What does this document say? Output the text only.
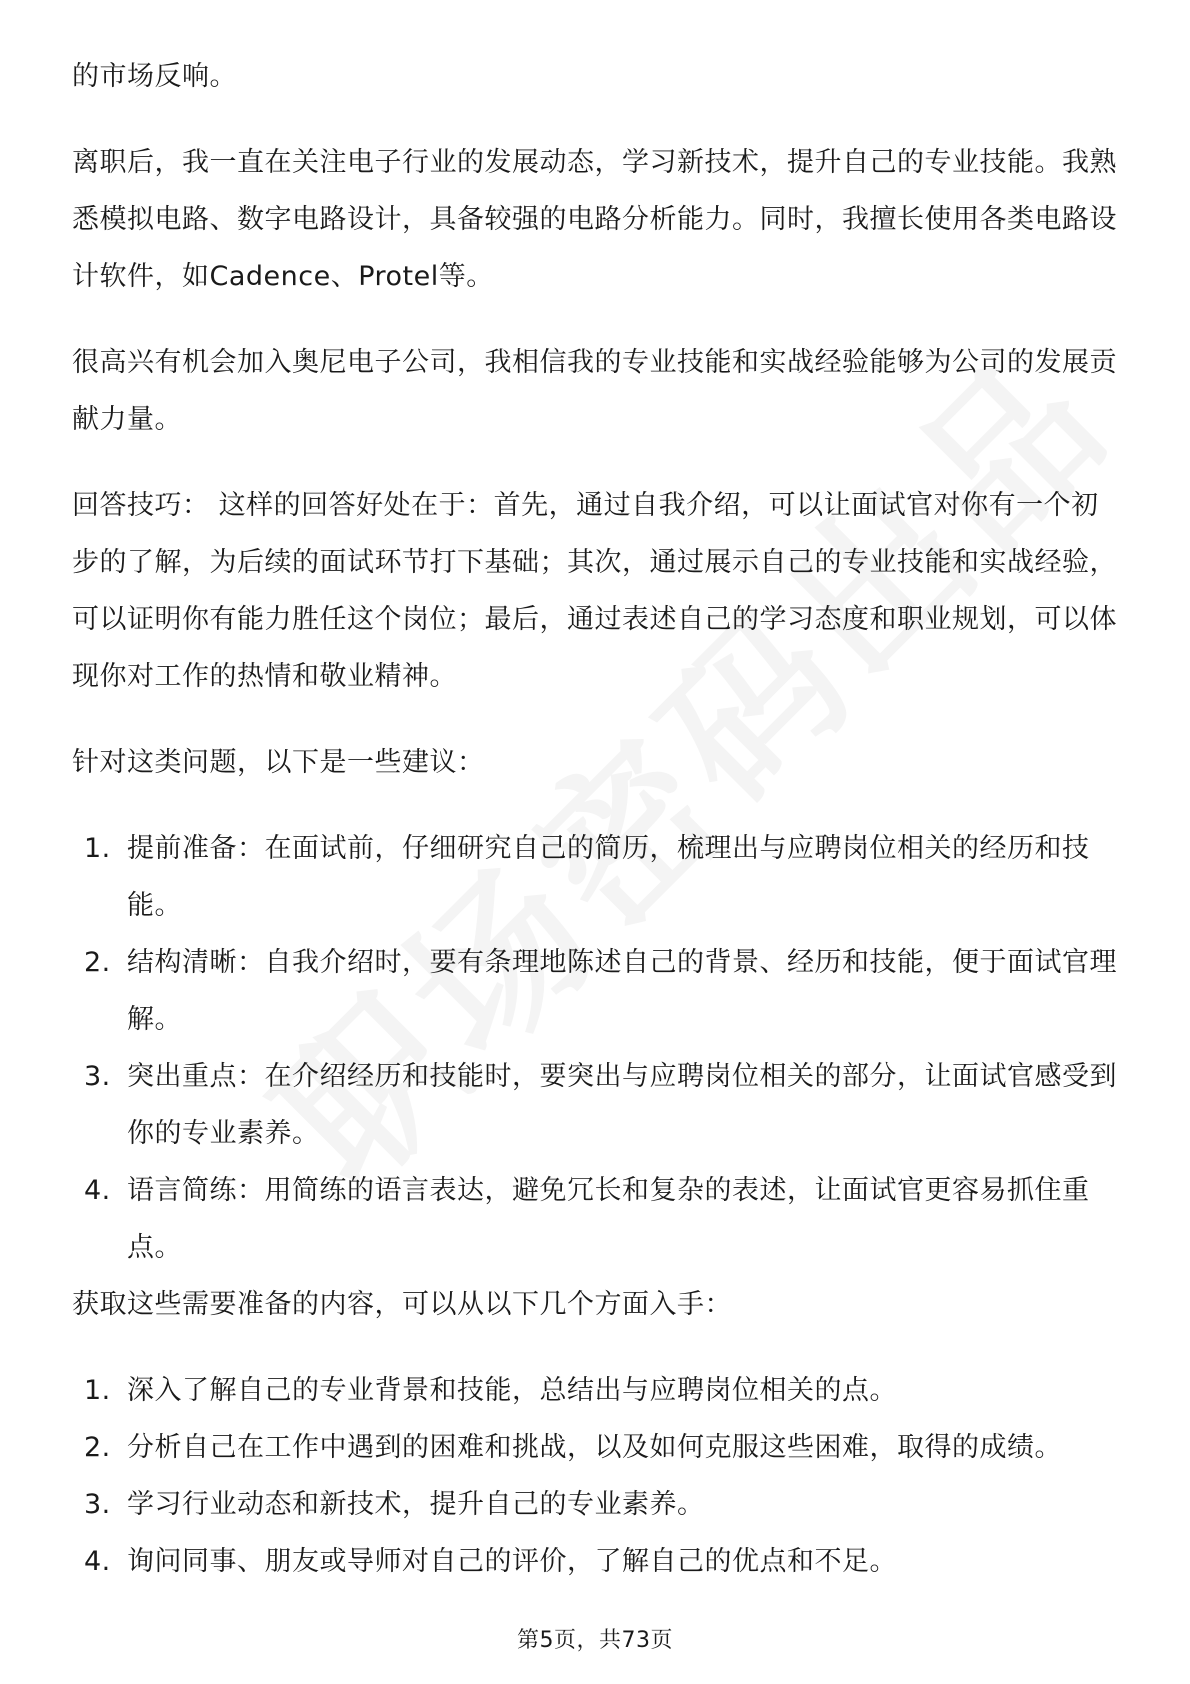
的市场反响。

离职后，我一直在关注电子行业的发展动态，学习新技术，提升自己的专业技能。我熟悉模拟电路、数字电路设计，具备较强的电路分析能力。同时，我擅长使用各类电路设计软件，如Cadence、Protel等。

很高兴有机会加入奥尼电子公司，我相信我的专业技能和实战经验能够为公司的发展贡献力量。

回答技巧： 这样的回答好处在于：首先，通过自我介绍，可以让面试官对你有一个初步的了解，为后续的面试环节打下基础；其次，通过展示自己的专业技能和实战经验，可以证明你有能力胜任这个岗位；最后，通过表述自己的学习态度和职业规划，可以体现你对工作的热情和敬业精神。

针对这类问题，以下是一些建议：

1. 提前准备：在面试前，仔细研究自己的简历，梳理出与应聘岗位相关的经历和技能。
2. 结构清晰：自我介绍时，要有条理地陈述自己的背景、经历和技能，便于面试官理解。
3. 突出重点：在介绍经历和技能时，要突出与应聘岗位相关的部分，让面试官感受到你的专业素养。
4. 语言简练：用简练的语言表达，避免冗长和复杂的表述，让面试官更容易抓住重点。

获取这些需要准备的内容，可以从以下几个方面入手：

1. 深入了解自己的专业背景和技能，总结出与应聘岗位相关的点。
2. 分析自己在工作中遇到的困难和挑战，以及如何克服这些困难，取得的成绩。
3. 学习行业动态和新技术，提升自己的专业素养。
4. 询问同事、朋友或导师对自己的评价，了解自己的优点和不足。
第5页，共73页
